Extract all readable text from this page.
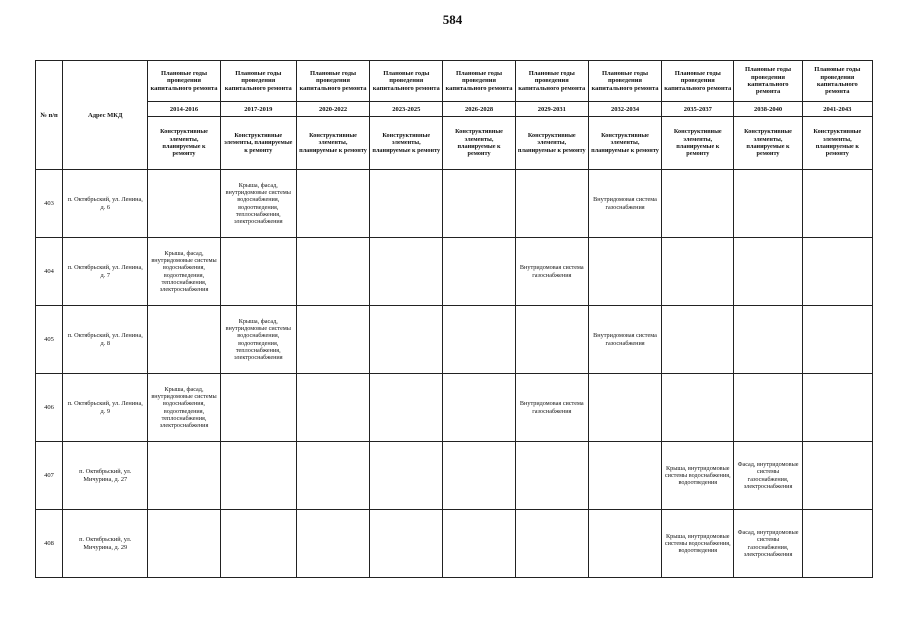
584
№ п/п	Адрес МКД	Плановые годы проведения капитального ремонта	Плановые годы проведения капитального ремонта	Плановые годы проведения капитального ремонта	Плановые годы проведения капитального ремонта	Плановые годы проведения капитального ремонта	Плановые годы проведения капитального ремонта	Плановые годы проведения капитального ремонта	Плановые годы проведения капитального ремонта	Плановые годы проведения капитального ремонта	Плановые годы проведения капитального ремонта
		2014-2016	2017-2019	2020-2022	2023-2025	2026-2028	2029-2031	2032-2034	2035-2037	2038-2040	2041-2043
		Конструктивные элементы, планируемые к ремонту	Конструктивные элементы, планируемые к ремонту	Конструктивные элементы, планируемые к ремонту	Конструктивные элементы, планируемые к ремонту	Конструктивные элементы, планируемые к ремонту	Конструктивные элементы, планируемые к ремонту	Конструктивные элементы, планируемые к ремонту	Конструктивные элементы, планируемые к ремонту	Конструктивные элементы, планируемые к ремонту	Конструктивные элементы, планируемые к ремонту
403	п. Октябрьский, ул. Ленина, д. 6		Крыша, фасад, внутридомовые системы водоснабжения, водоотведения, теплоснабжения, электроснабжения					Внутридомовая система газоснабжения			
404	п. Октябрьский, ул. Ленина, д. 7	Крыша, фасад, внутридомовые системы водоснабжения, водоотведения, теплоснабжения, электроснабжения					Внутридомовая система газоснабжения				
405	п. Октябрьский, ул. Ленина, д. 8		Крыша, фасад, внутридомовые системы водоснабжения, водоотведения, теплоснабжения, электроснабжения					Внутридомовая система газоснабжения			
406	п. Октябрьский, ул. Ленина, д. 9	Крыша, фасад, внутридомовые системы водоснабжения, водоотведения, теплоснабжения, электроснабжения					Внутридомовая система газоснабжения				
407	п. Октябрьский, ул. Мичурина, д. 27								Крыша, внутридомовые системы водоснабжения, водоотведения	Фасад, внутридомовые системы газоснабжения, электроснабжения	
408	п. Октябрьский, ул. Мичурина, д. 29								Крыша, внутридомовые системы водоснабжения, водоотведения	Фасад, внутридомовые системы газоснабжения, электроснабжения	
